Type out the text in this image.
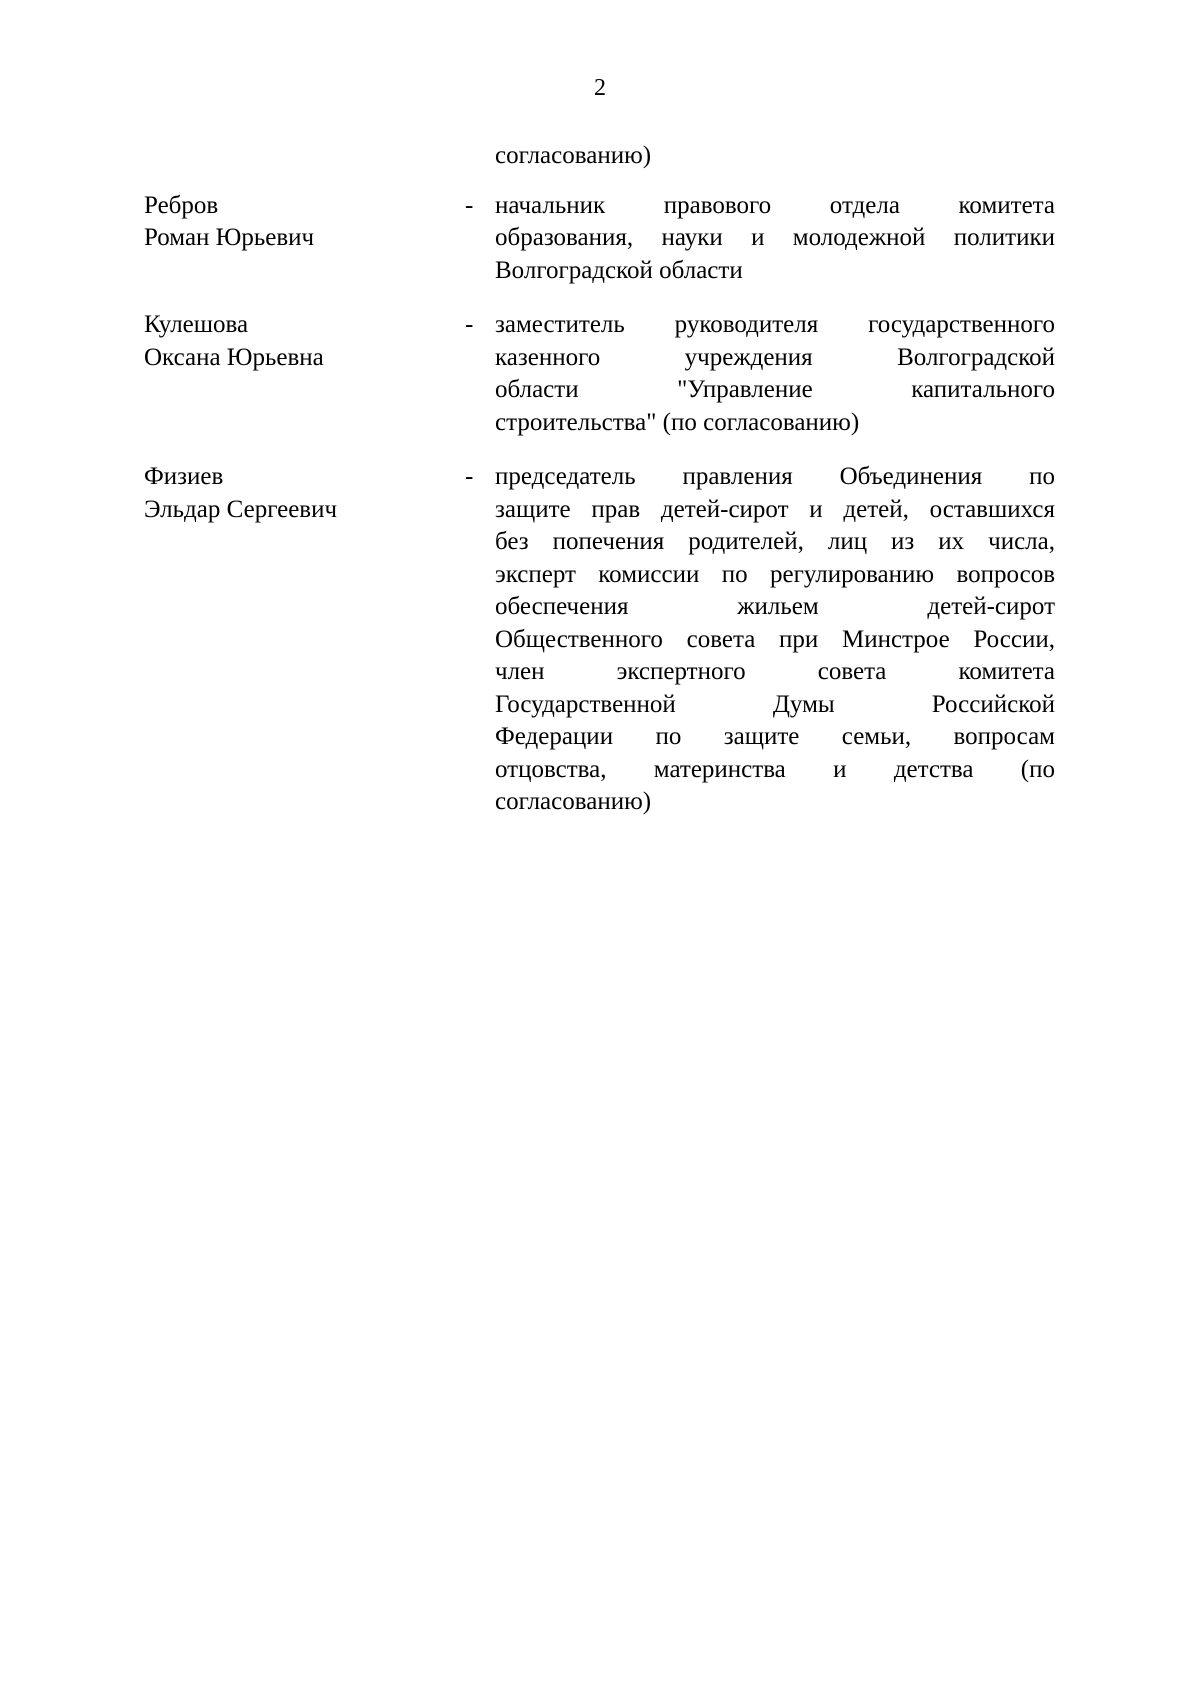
2
согласованию)
Ребров
Роман Юрьевич
- начальник правового отдела комитета
образования, науки и молодежной политики
Волгоградской области
Кулешова
Оксана Юрьевна
- заместитель руководителя государственного
казенного учреждения Волгоградской
области "Управление капитального
строительства" (по согласованию)
Физиев
Эльдар Сергеевич
- председатель правления Объединения по
защите прав детей-сирот и детей, оставшихся
без попечения родителей, лиц из их числа,
эксперт комиссии по регулированию вопросов
обеспечения жильем детей-сирот
Общественного совета при Минстрое России,
член экспертного совета комитета
Государственной Думы Российской
Федерации по защите семьи, вопросам
отцовства, материнства и детства (по
согласованию)
